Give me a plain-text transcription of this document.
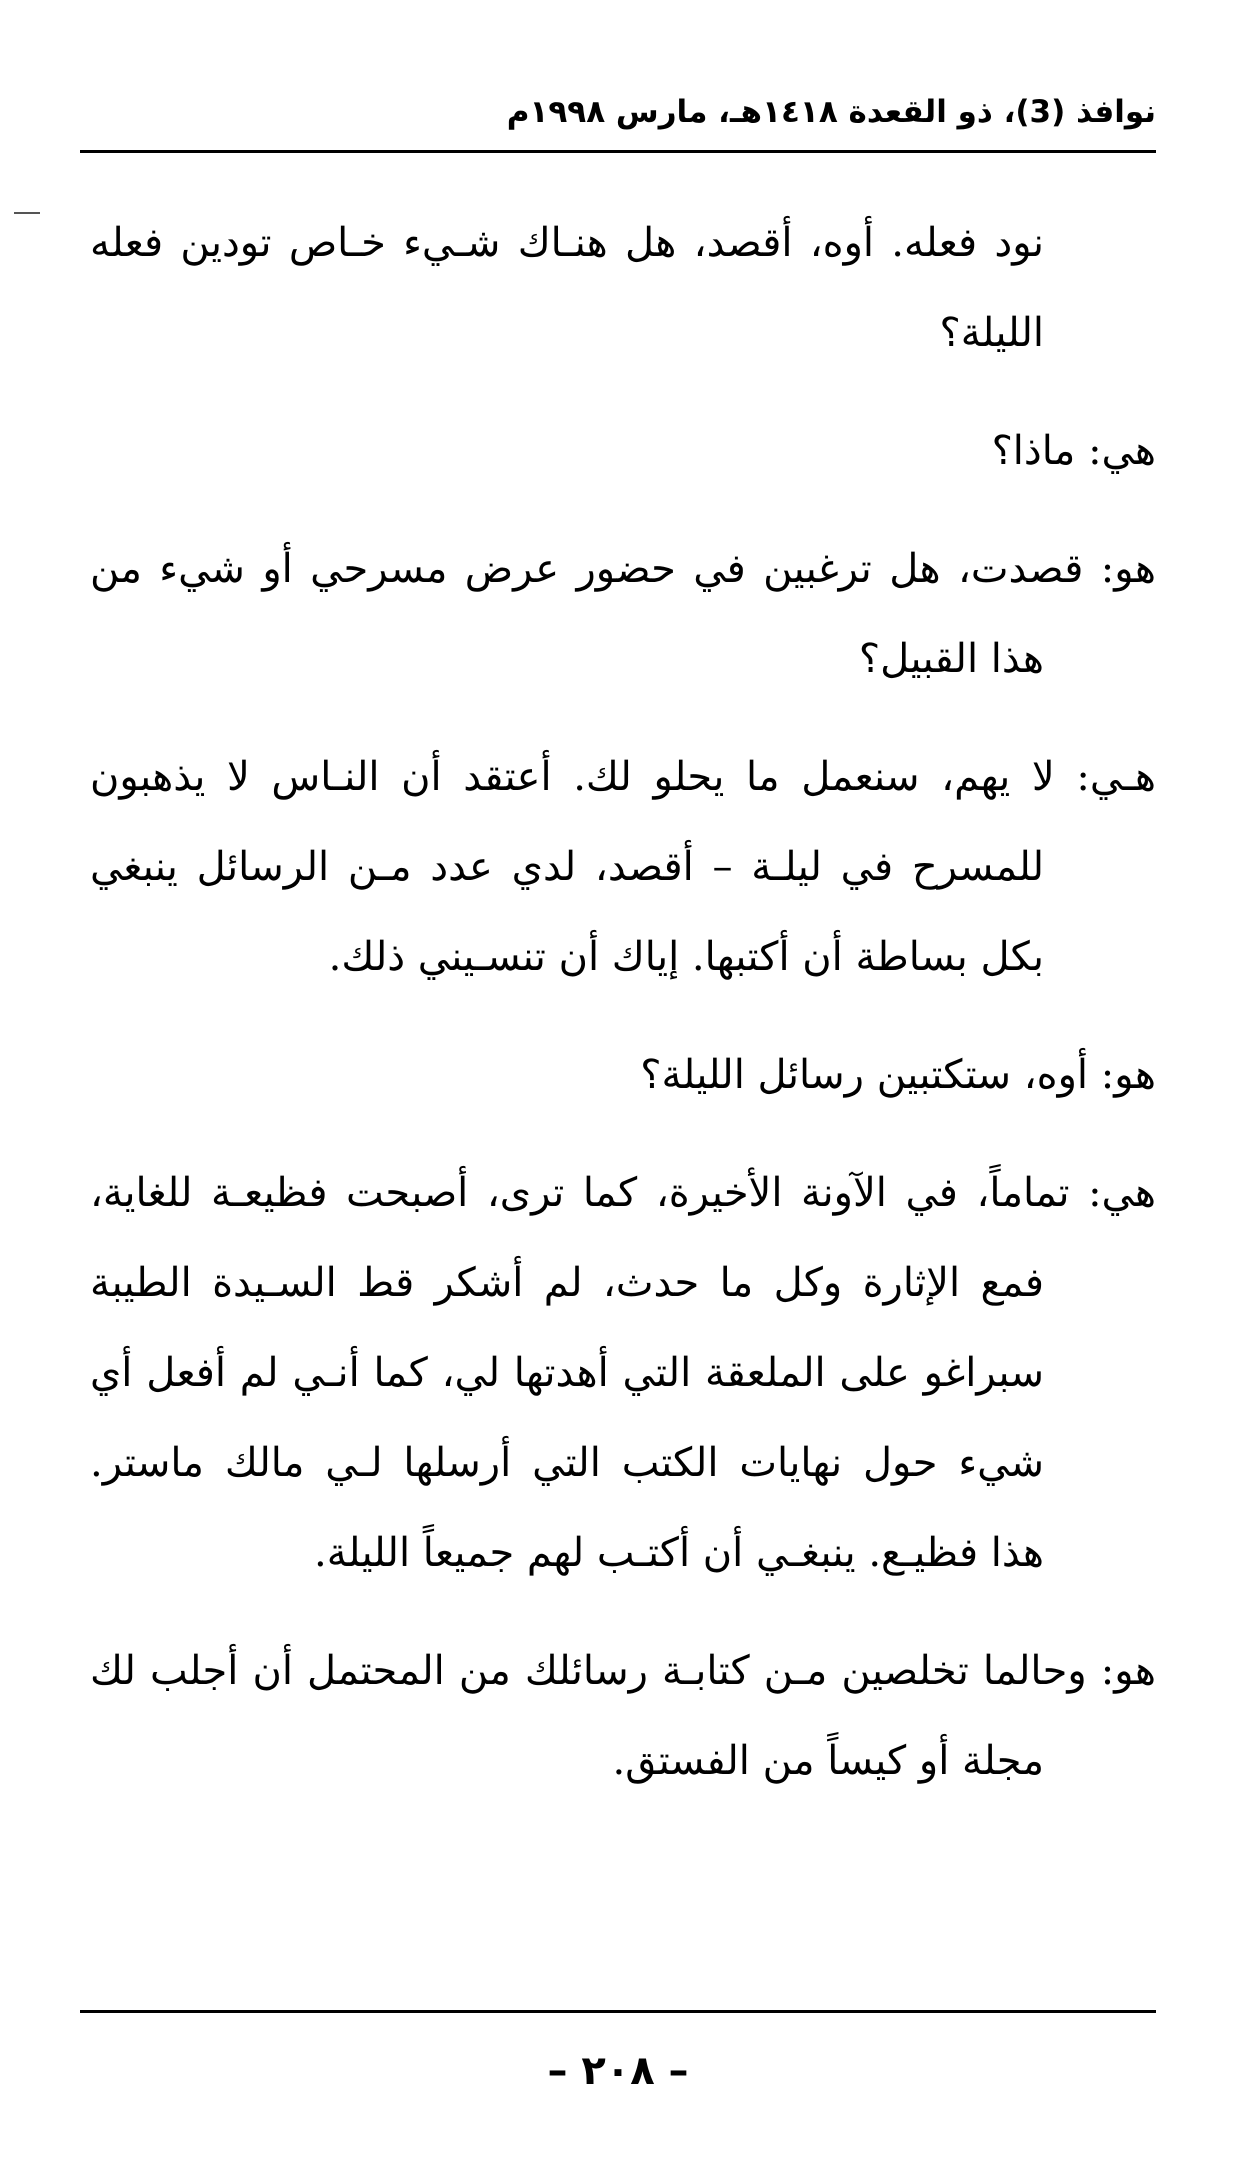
نوافذ (3)، ذو القعدة ١٤١٨هـ، مارس ١٩٩٨م

نود فعله. أوه، أقصد، هل هنـاك شـيء خـاص تودين فعله الليلة؟

هي: ماذا؟

هو: قصدت، هل ترغبين في حضور عرض مسرحي أو شيء من هذا القبيل؟

هـي: لا يهم، سنعمل ما يحلو لك. أعتقد أن النـاس لا يذهبون للمسرح في ليلـة – أقصد، لدي عدد مـن الرسائل ينبغي بكل بساطة أن أكتبها. إياك أن تنسـيني ذلك.

هو: أوه، ستكتبين رسائل الليلة؟

هي: تماماً، في الآونة الأخيرة، كما ترى، أصبحت فظيعـة للغاية، فمع الإثارة وكل ما حدث، لم أشكر قط السـيدة الطيبة سبراغو على الملعقة التي أهدتها لي، كما أنـي لم أفعل أي شيء حول نهايات الكتب التي أرسلها لـي مالك ماستر. هذا فظيـع. ينبغـي أن أكتـب لهم جميعاً الليلة.

هو: وحالما تخلصين مـن كتابـة رسائلك من المحتمل أن أجلب لك مجلة أو كيساً من الفستق.

– ٢٠٨ –
